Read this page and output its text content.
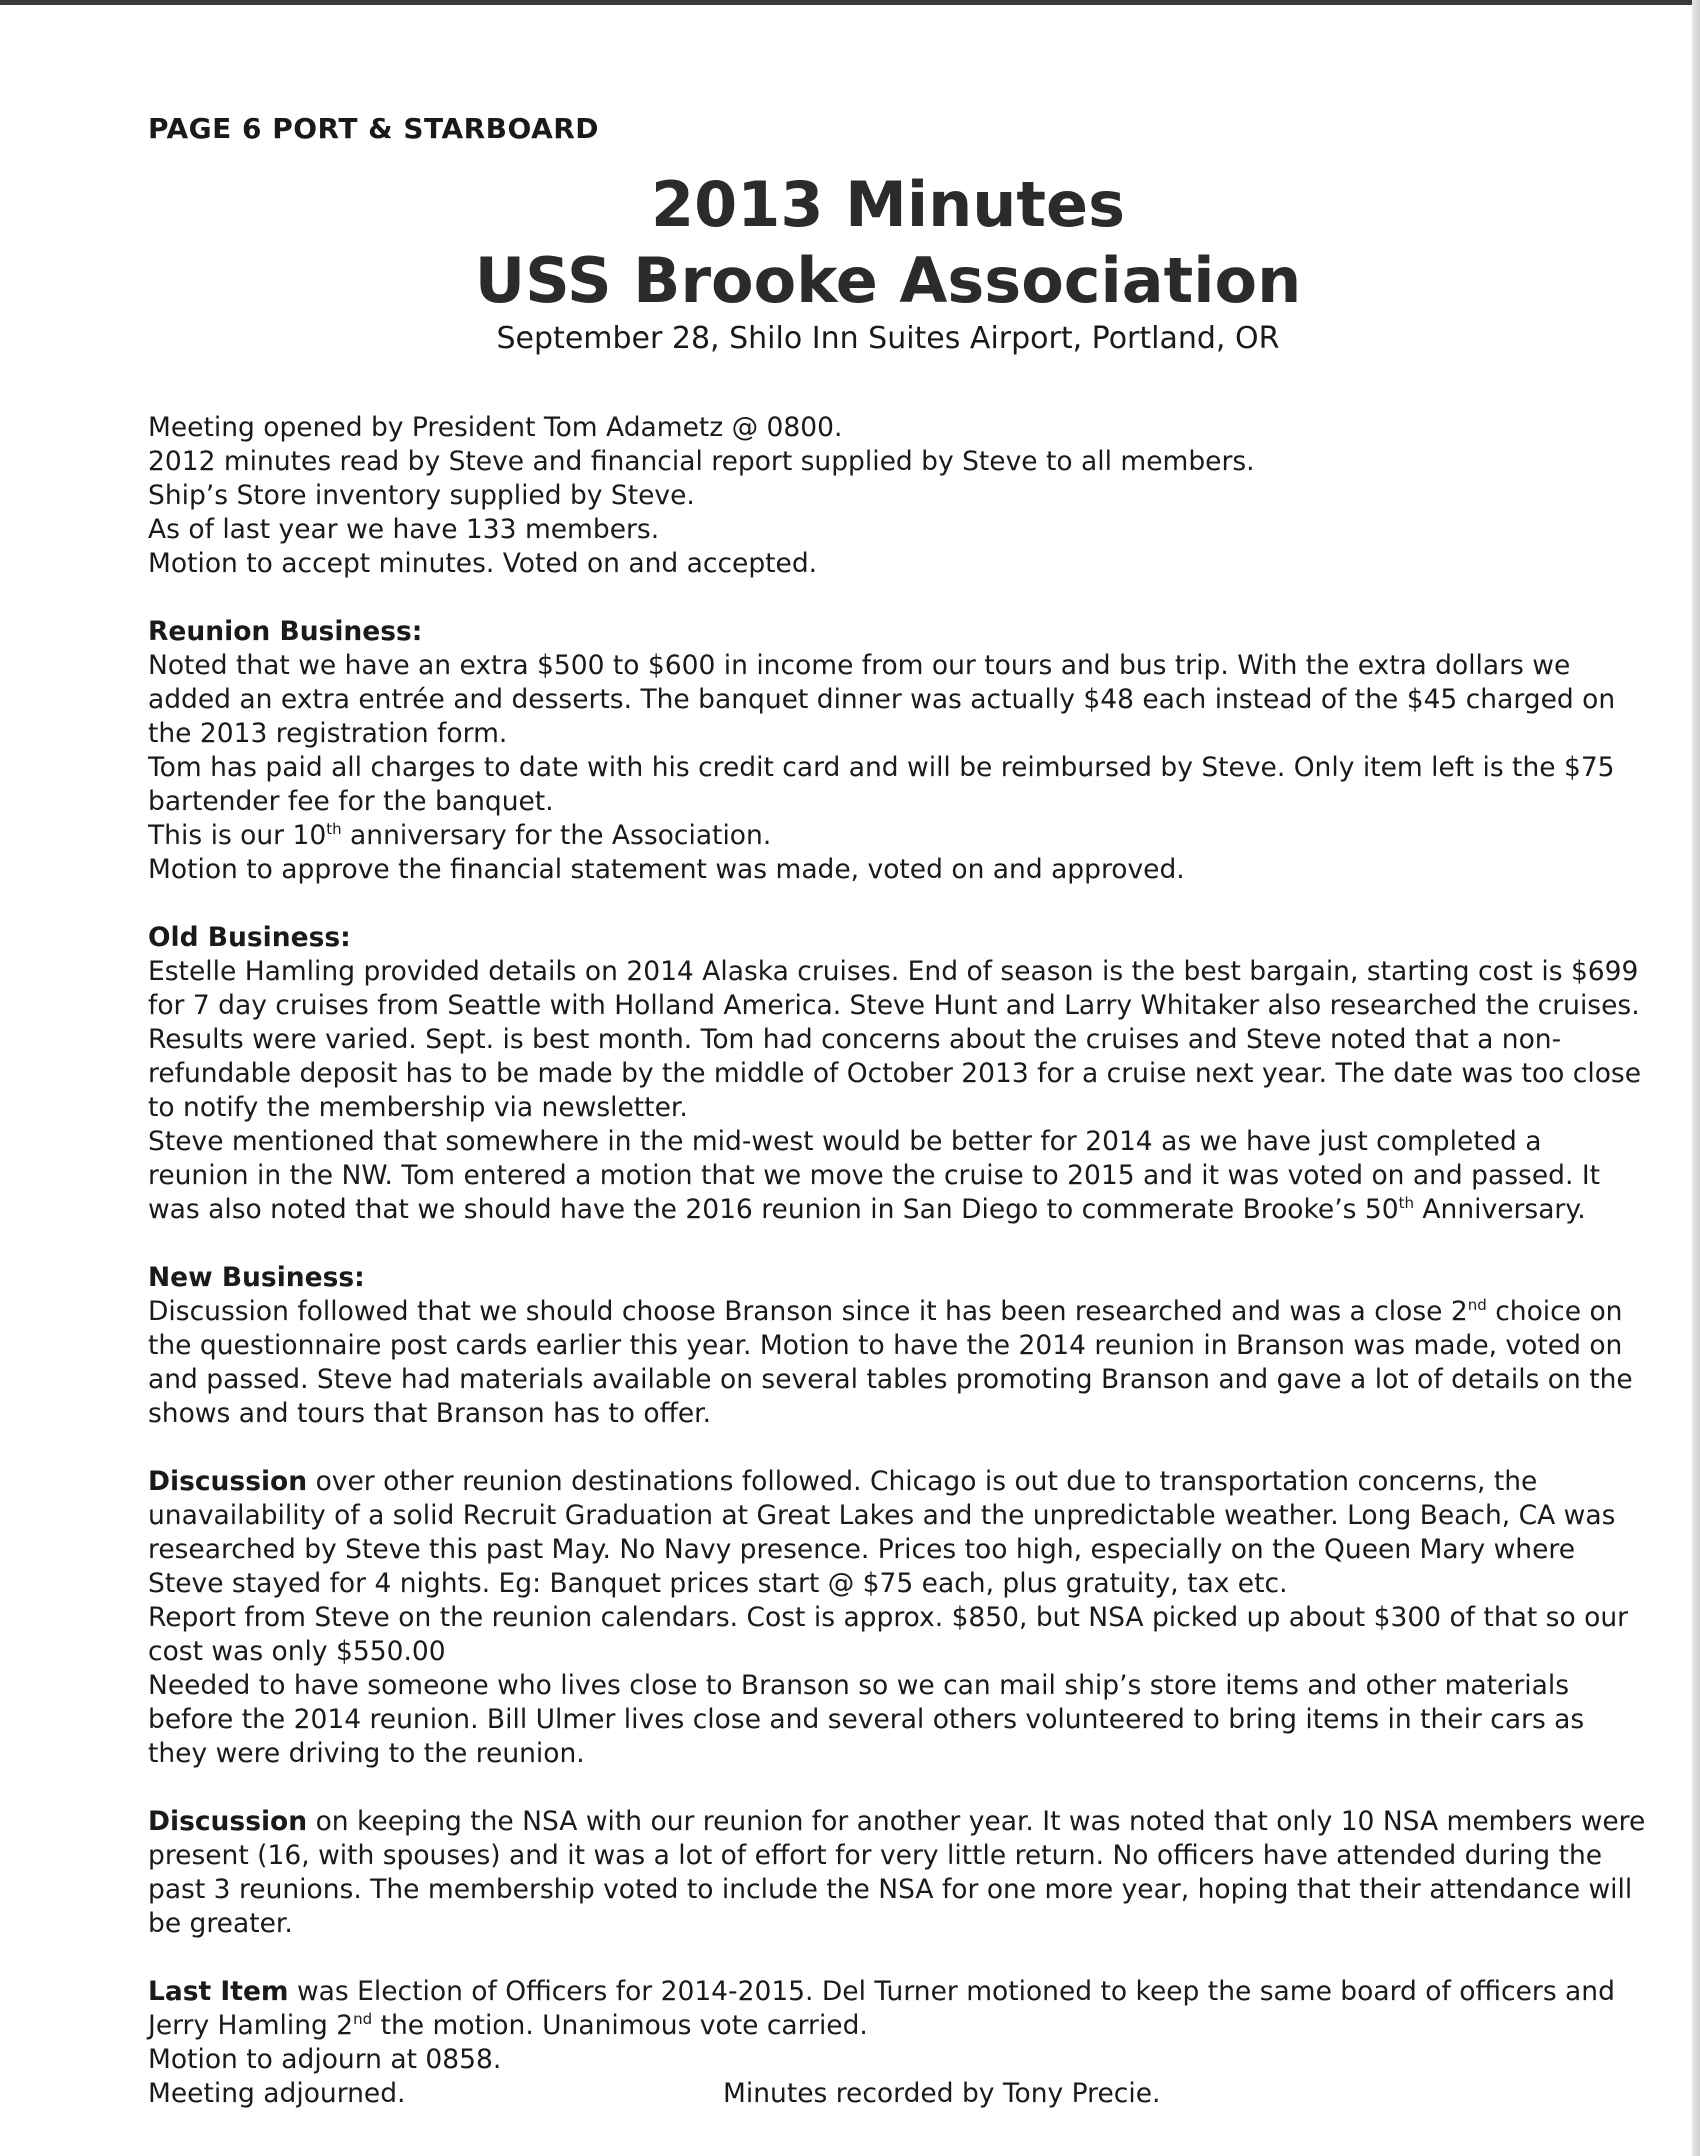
PAGE 6 PORT & STARBOARD

2013 Minutes
USS Brooke Association

September 28, Shilo Inn Suites Airport, Portland, OR

Meeting opened by President Tom Adametz @ 0800.

2012 minutes read by Steve and financial report supplied by Steve to all members.

Ship’s Store inventory supplied by Steve.

As of last year we have 133 members.

Motion to accept minutes. Voted on and accepted.

Reunion Business:

Noted that we have an extra $500 to $600 in income from our tours and bus trip. With the extra dollars we added an extra entrée and desserts. The banquet dinner was actually $48 each instead of the $45 charged on the 2013 registration form.

Tom has paid all charges to date with his credit card and will be reimbursed by Steve. Only item left is the $75 bartender fee for the banquet.

This is our 10th anniversary for the Association.

Motion to approve the financial statement was made, voted on and approved.

Old Business:

Estelle Hamling provided details on 2014 Alaska cruises. End of season is the best bargain, starting cost is $699 for 7 day cruises from Seattle with Holland America. Steve Hunt and Larry Whitaker also researched the cruises. Results were varied. Sept. is best month. Tom had concerns about the cruises and Steve noted that a non-refundable deposit has to be made by the middle of October 2013 for a cruise next year. The date was too close to notify the membership via newsletter.

Steve mentioned that somewhere in the mid-west would be better for 2014 as we have just completed a reunion in the NW. Tom entered a motion that we move the cruise to 2015 and it was voted on and passed. It was also noted that we should have the 2016 reunion in San Diego to commerate Brooke’s 50th Anniversary.

New Business:

Discussion followed that we should choose Branson since it has been researched and was a close 2nd choice on the questionnaire post cards earlier this year. Motion to have the 2014 reunion in Branson was made, voted on and passed. Steve had materials available on several tables promoting Branson and gave a lot of details on the shows and tours that Branson has to offer.

Discussion over other reunion destinations followed. Chicago is out due to transportation concerns, the unavailability of a solid Recruit Graduation at Great Lakes and the unpredictable weather. Long Beach, CA was researched by Steve this past May. No Navy presence. Prices too high, especially on the Queen Mary where Steve stayed for 4 nights. Eg: Banquet prices start @ $75 each, plus gratuity, tax etc.

Report from Steve on the reunion calendars. Cost is approx. $850, but NSA picked up about $300 of that so our cost was only $550.00

Needed to have someone who lives close to Branson so we can mail ship’s store items and other materials before the 2014 reunion. Bill Ulmer lives close and several others volunteered to bring items in their cars as they were driving to the reunion.

Discussion on keeping the NSA with our reunion for another year. It was noted that only 10 NSA members were present (16, with spouses) and it was a lot of effort for very little return. No officers have attended during the past 3 reunions. The membership voted to include the NSA for one more year, hoping that their attendance will be greater.

Last Item was Election of Officers for 2014-2015. Del Turner motioned to keep the same board of officers and Jerry Hamling 2nd the motion. Unanimous vote carried.

Motion to adjourn at 0858.

Meeting adjourned.	Minutes recorded by Tony Precie.
